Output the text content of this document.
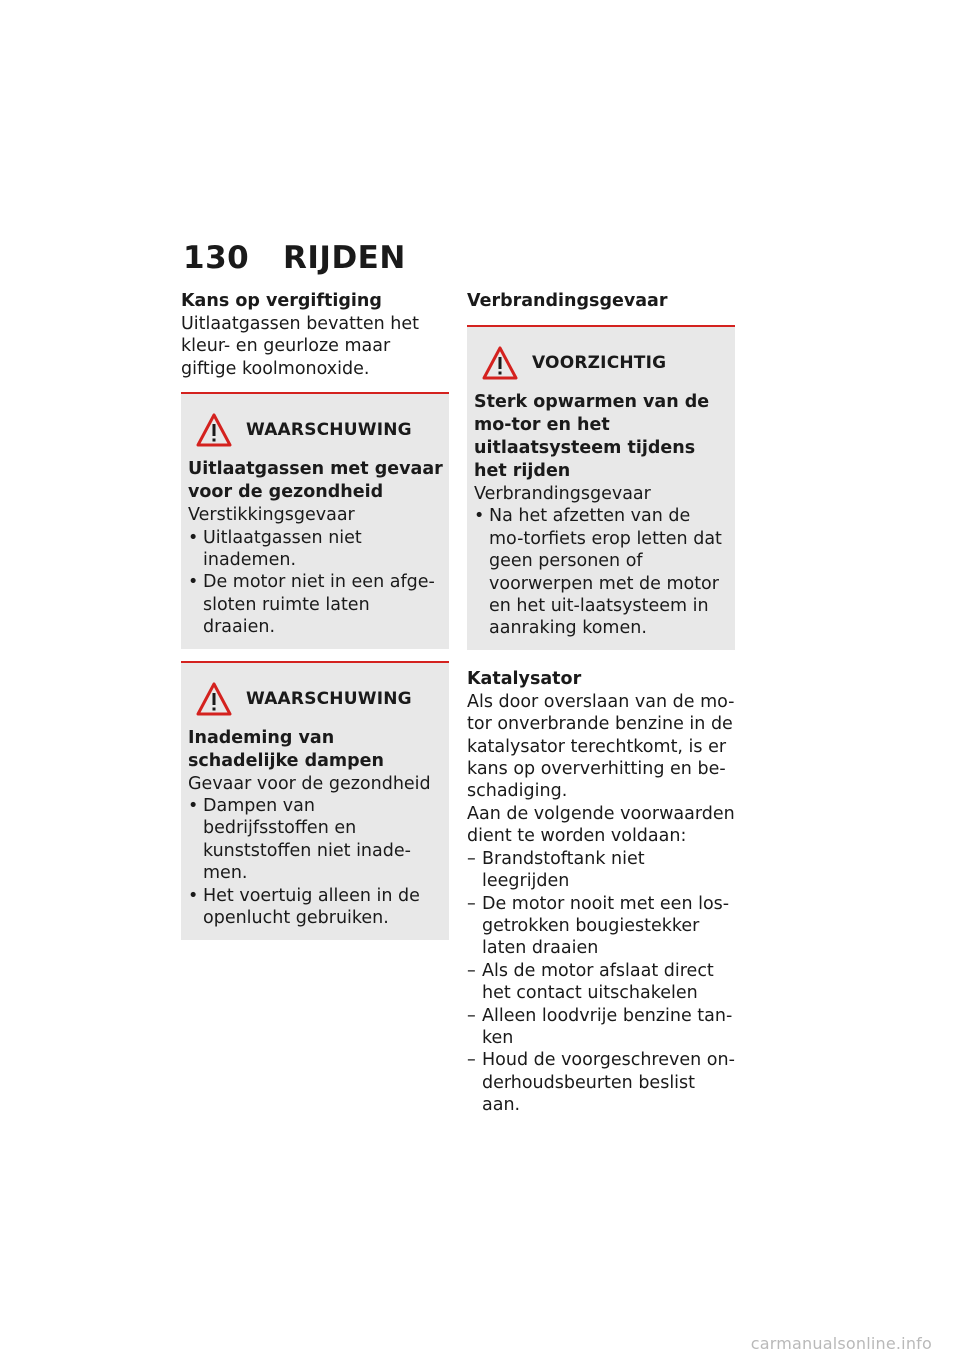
130 RIJDEN
Kans op vergiftiging
Uitlaatgassen bevatten het kleur- en geurloze maar giftige koolmonoxide.
WAARSCHUWING
Uitlaatgassen met gevaar voor de gezondheid
Verstikkingsgevaar
• Uitlaatgassen niet inademen.
• De motor niet in een afge-sloten ruimte laten draaien.
WAARSCHUWING
Inademing van schadelijke dampen
Gevaar voor de gezondheid
• Dampen van bedrijfsstoffen en kunststoffen niet inade-men.
• Het voertuig alleen in de openlucht gebruiken.
Verbrandingsgevaar
VOORZICHTIG
Sterk opwarmen van de mo-tor en het uitlaatsysteem tijdens het rijden
Verbrandingsgevaar
• Na het afzetten van de mo-torfiets erop letten dat geen personen of voorwerpen met de motor en het uit-laatsysteem in aanraking komen.
Katalysator
Als door overslaan van de mo-tor onverbrande benzine in de katalysator terechtkomt, is er kans op oververhitting en be-schadiging.
Aan de volgende voorwaarden dient te worden voldaan:
– Brandstoftank niet leegrijden
– De motor nooit met een los-getrokken bougiestekker laten draaien
– Als de motor afslaat direct het contact uitschakelen
– Alleen loodvrije benzine tan-ken
– Houd de voorgeschreven on-derhoudsbeurten beslist aan.
carmanualsonline.info
